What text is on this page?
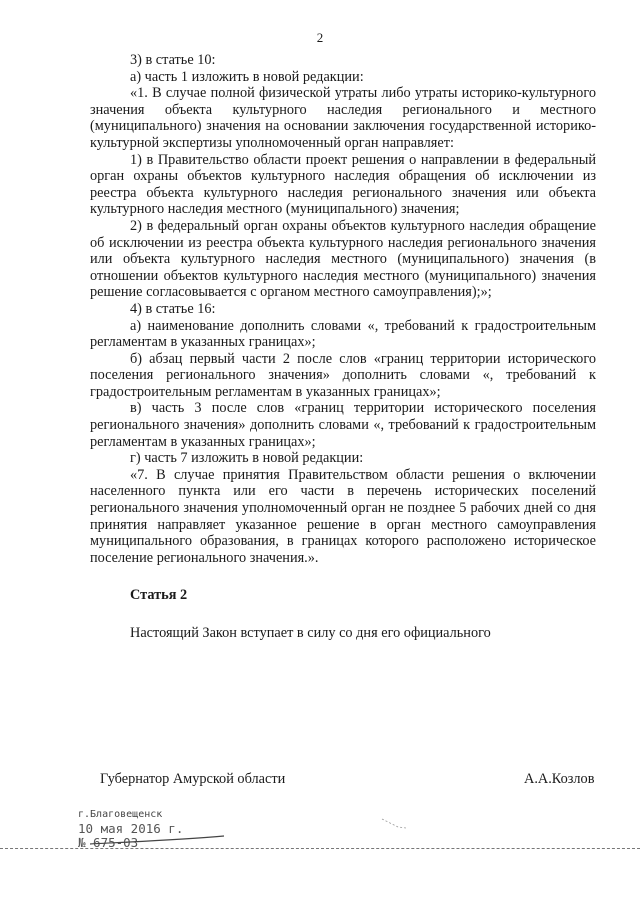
2

3) в статье 10:

а) часть 1 изложить в новой редакции:

«1. В случае полной физической утраты либо утраты историко-культурного значения объекта культурного наследия регионального и местного (муниципального) значения на основании заключения государственной историко-культурной экспертизы уполномоченный орган направляет:

1) в Правительство области проект решения о направлении в федеральный орган охраны объектов культурного наследия обращения об исключении из реестра объекта культурного наследия регионального значения или объекта культурного наследия местного (муниципального) значения;

2) в федеральный орган охраны объектов культурного наследия обращение об исключении из реестра объекта культурного наследия регионального значения или объекта культурного наследия местного (муниципального) значения (в отношении объектов культурного наследия местного (муниципального) значения решение согласовывается с органом местного самоуправления);»;

4) в статье 16:

а) наименование дополнить словами «, требований к градостроительным регламентам в указанных границах»;

б) абзац первый части 2 после слов «границ территории исторического поселения регионального значения» дополнить словами «, требований к градостроительным регламентам в указанных границах»;

в) часть 3 после слов «границ территории исторического поселения регионального значения» дополнить словами «, требований к градостроительным регламентам в указанных границах»;

г) часть 7 изложить в новой редакции:

«7. В случае принятия Правительством области решения о включении населенного пункта или его части в перечень исторических поселений регионального значения уполномоченный орган не позднее 5 рабочих дней со дня принятия направляет указанное решение в орган местного самоуправления муниципального образования, в границах которого расположено историческое поселение регионального значения.».

Статья 2

Настоящий Закон вступает в силу со дня его официального

Губернатор Амурской области	А.А.Козлов
г.Благовещенск
10 мая 2016 г.
№ 675-03
